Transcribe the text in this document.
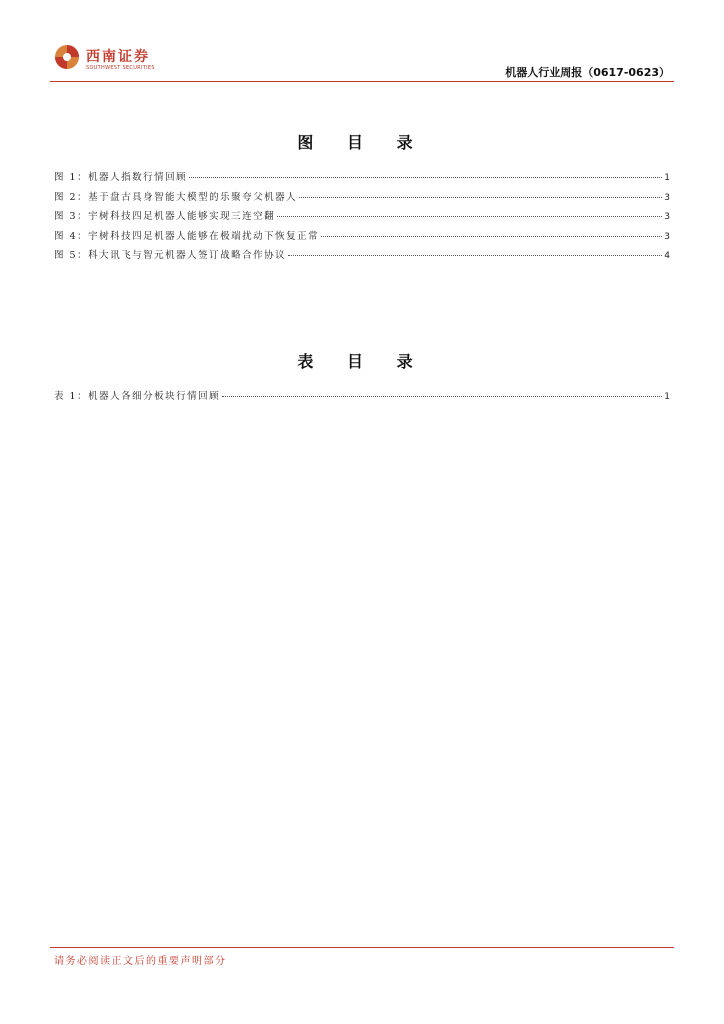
西南证券
SOUTHWEST SECURITIES	机器人行业周报（0617-0623）
图 目 录
图 1：机器人指数行情回顾	1
图 2：基于盘古具身智能大模型的乐聚夸父机器人	3
图 3：宇树科技四足机器人能够实现三连空翻	3
图 4：宇树科技四足机器人能够在极端扰动下恢复正常	3
图 5：科大讯飞与智元机器人签订战略合作协议	4
表 目 录
表 1：机器人各细分板块行情回顾	1
请务必阅读正文后的重要声明部分
